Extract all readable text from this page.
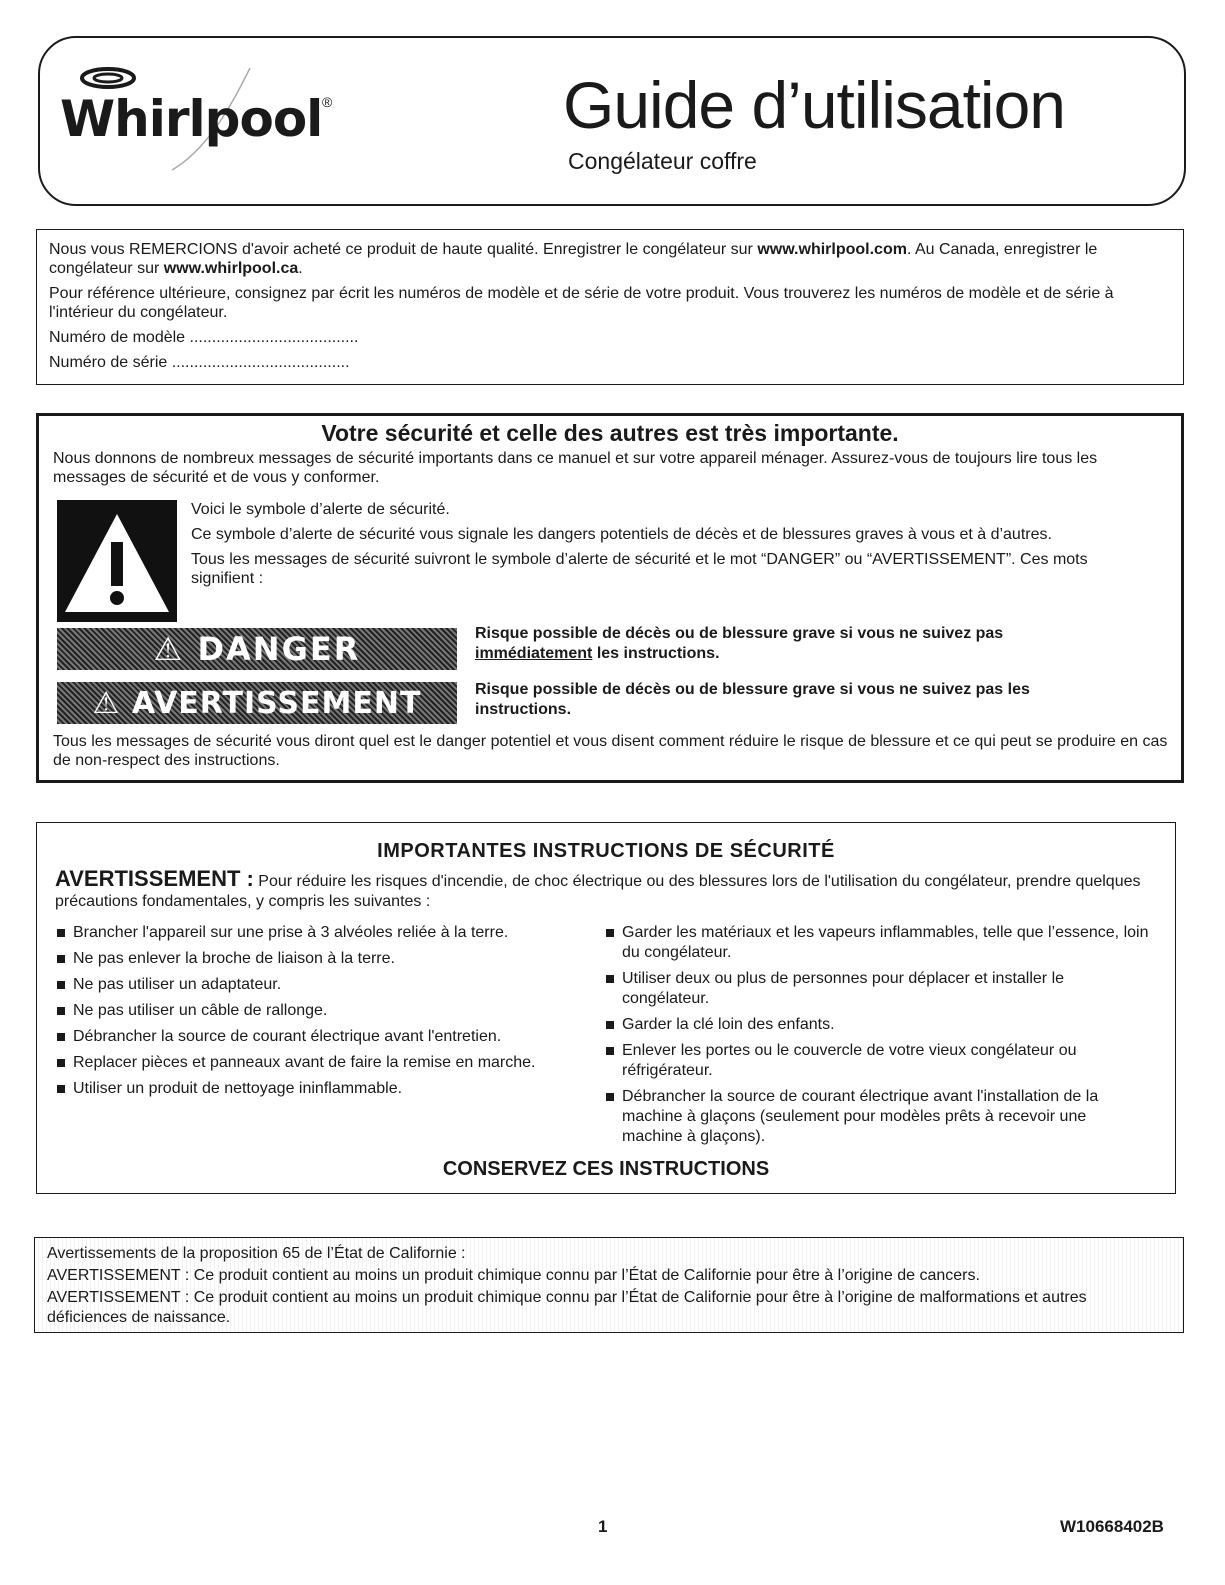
Whirlpool ®	Guide d’utilisation
Congélateur coffre

Nous vous REMERCIONS d'avoir acheté ce produit de haute qualité. Enregistrer le congélateur sur www.whirlpool.com. Au Canada, enregistrer le congélateur sur www.whirlpool.ca.

Pour référence ultérieure, consignez par écrit les numéros de modèle et de série de votre produit. Vous trouverez les numéros de modèle et de série à l'intérieur du congélateur.

Numéro de modèle ......................................

Numéro de série ........................................

Votre sécurité et celle des autres est très importante.

Nous donnons de nombreux messages de sécurité importants dans ce manuel et sur votre appareil ménager. Assurez-vous de toujours lire tous les messages de sécurité et de vous y conformer.

Voici le symbole d’alerte de sécurité.

Ce symbole d’alerte de sécurité vous signale les dangers potentiels de décès et de blessures graves à vous et à d’autres.

Tous les messages de sécurité suivront le symbole d’alerte de sécurité et le mot “DANGER” ou “AVERTISSEMENT”. Ces mots signifient :

⚠ DANGER	Risque possible de décès ou de blessure grave si vous ne suivez pas immédiatement les instructions.
⚠ AVERTISSEMENT	Risque possible de décès ou de blessure grave si vous ne suivez pas les instructions.
Tous les messages de sécurité vous diront quel est le danger potentiel et vous disent comment réduire le risque de blessure et ce qui peut se produire en cas de non-respect des instructions.
IMPORTANTES INSTRUCTIONS DE SÉCURITÉ
AVERTISSEMENT : Pour réduire les risques d'incendie, de choc électrique ou des blessures lors de l'utilisation du congélateur, prendre quelques précautions fondamentales, y compris les suivantes :
Brancher l'appareil sur une prise à 3 alvéoles reliée à la terre.
Ne pas enlever la broche de liaison à la terre.
Ne pas utiliser un adaptateur.
Ne pas utiliser un câble de rallonge.
Débrancher la source de courant électrique avant l'entretien.
Replacer pièces et panneaux avant de faire la remise en marche.
Utiliser un produit de nettoyage ininflammable.
Garder les matériaux et les vapeurs inflammables, telle que l’essence, loin du congélateur.
Utiliser deux ou plus de personnes pour déplacer et installer le congélateur.
Garder la clé loin des enfants.
Enlever les portes ou le couvercle de votre vieux congélateur ou réfrigérateur.
Débrancher la source de courant électrique avant l'installation de la machine à glaçons (seulement pour modèles prêts à recevoir une machine à glaçons).
CONSERVEZ CES INSTRUCTIONS

Avertissements de la proposition 65 de l’État de Californie :

AVERTISSEMENT : Ce produit contient au moins un produit chimique connu par l’État de Californie pour être à l’origine de cancers.

AVERTISSEMENT : Ce produit contient au moins un produit chimique connu par l’État de Californie pour être à l’origine de malformations et autres déficiences de naissance.

1	W10668402B
